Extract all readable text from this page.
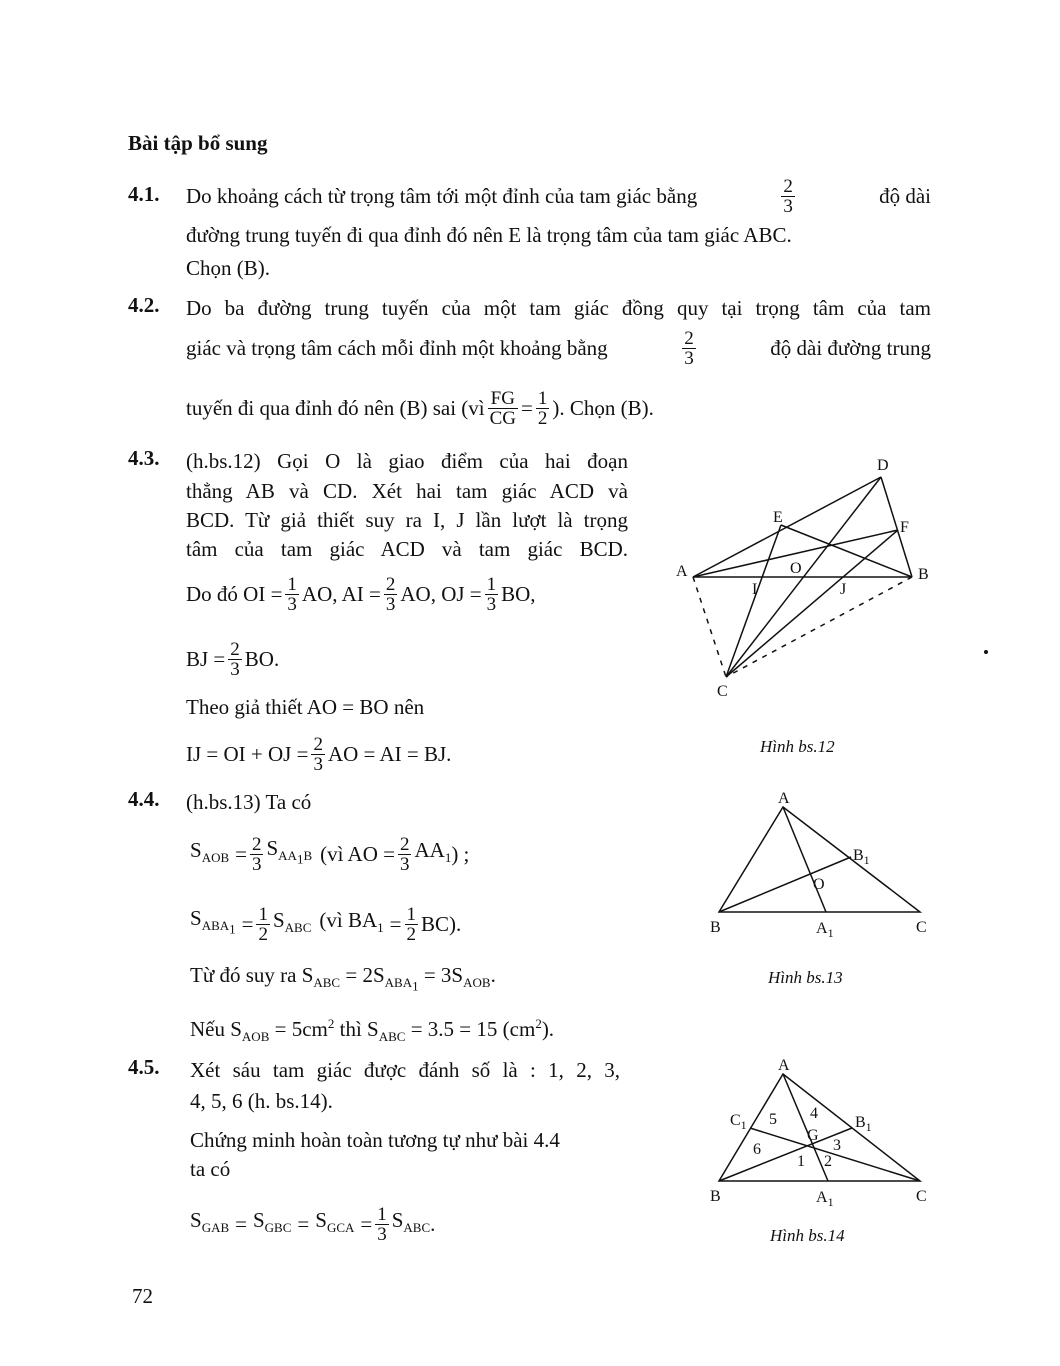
Bài tập bổ sung
4.1. Do khoảng cách từ trọng tâm tới một đỉnh của tam giác bằng	$\frac{2}{3}$	độ dài
đường trung tuyến đi qua đỉnh đó nên E là trọng tâm của tam giác ABC.
Chọn (B).
4.2. Do ba đường trung tuyến của một tam giác đồng quy tại trọng tâm của tam
giác và trọng tâm cách mỗi đỉnh một khoảng bằng	$\frac{2}{3}$	độ dài đường trung
tuyến đi qua đỉnh đó nên (B) sai (vì $\frac{FG}{CG} = \frac{1}{2}$ ). Chọn (B).
4.3. (h.bs.12) Gọi O là giao điểm của hai đoạn
thẳng AB và CD. Xét hai tam giác ACD và
BCD. Từ giả thiết suy ra I, J lần lượt là trọng
tâm của tam giác ACD và tam giác BCD.
Do đó OI = $\frac{1}{3}$ AO, AI = $\frac{2}{3}$ AO, OJ = $\frac{1}{3}$ BO,
BJ = $\frac{2}{3}$ BO.
Theo giả thiết AO = BO nên
IJ = OI + OJ = $\frac{2}{3}$ AO = AI = BJ.
D
E
F
A
I
O
J
B
C
Hình bs.12
4.4. (h.bs.13) Ta có
$S_{AOB} = \frac{2}{3} S_{AA_1B}$ (vì AO = $\frac{2}{3} AA_1$ ) ;
$S_{ABA_1} = \frac{1}{2} S_{ABC}$ (vì $BA_1 = \frac{1}{2} BC$).
Từ đó suy ra $S_{ABC} = 2S_{ABA_1} = 3S_{AOB}$.
Nếu $S_{AOB} = 5cm^2$ thì $S_{ABC} = 3.5 = 15$ $(cm^2)$.
A
B	C
O
$B_1$
$A_1$
Hình bs.13
4.5. Xét sáu tam giác được đánh số là : 1, 2, 3,
4, 5, 6 (h. bs.14).
Chứng minh hoàn toàn tương tự như bài 4.4
ta có
$S_{GAB} = S_{GBC} = S_{GCA} = \frac{1}{3} S_{ABC}$ .
A
B	C
G
$C_1$	$B_1$
$A_1$
5 4
6	3
1 2
Hình bs.14
72
